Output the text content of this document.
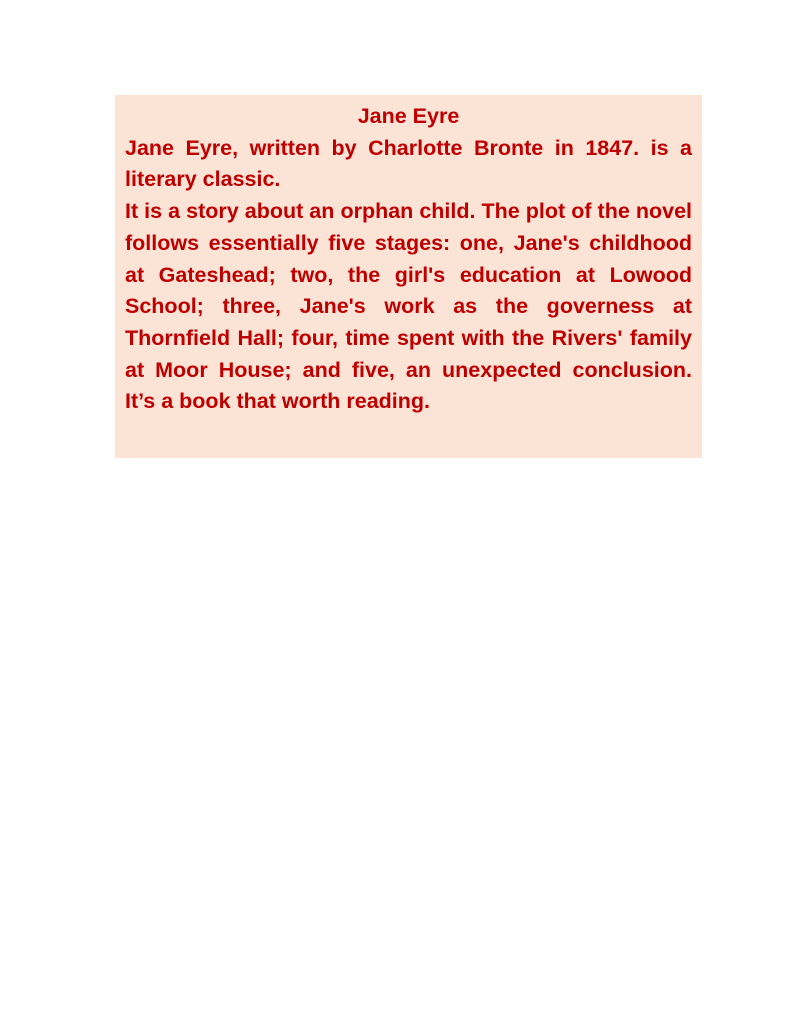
Jane Eyre

Jane Eyre, written by Charlotte Bronte in 1847. is a literary classic.

It is a story about an orphan child. The plot of the novel follows essentially five stages: one, Jane's childhood at Gateshead; two, the girl's education at Lowood School; three, Jane's work as the governess at Thornfield Hall; four, time spent with the Rivers' family at Moor House; and five, an unexpected conclusion. It’s a book that worth reading.
